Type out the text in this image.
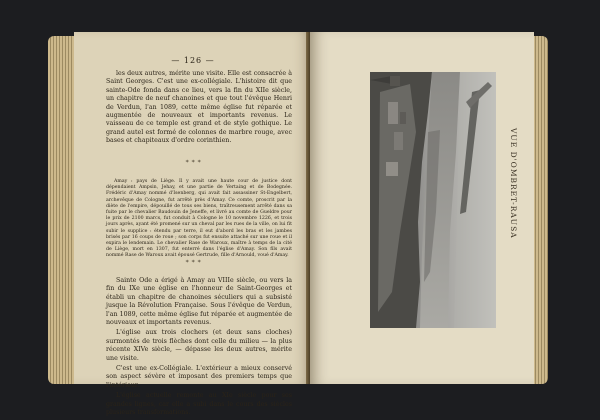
— 126 —
les deux autres, mérite une visite. Elle est consacrée à Saint Georges. C'est une ex-collégiale. L'histoire dit que sainte-Ode fonda dans ce lieu, vers la fin du XIIe siècle, un chapitre de neuf chanoines et que tout l'évêque Henri de Verdun, l'an 1089, cette même église fut réparée et augmentée de nouveaux et importants revenus. Le vaisseau de ce temple est grand et de style gothique. Le grand autel est formé de colonnes de marbre rouge, avec bases et chapiteaux d'ordre corinthien.
∗ ∗ ∗
Amay : pays de Liège. Il y avait une haute cour de justice dont dépendaient Ampsin, Jehay, et une partie de Vertaing et de Bodegnée. Frédéric d'Amay nommé d'Isenberg, qui avait fait assassiner St-Engelbert, archevêque de Cologne, fut arrêté près d'Amay. Ce comte, proscrit par la diète de l'empire, dépouillé de tous ses biens, traîtreusement arrêté dans sa fuite par le chevalier Baudouin de Jeneffe, et livré au comte de Gueldre pour le prix de 2100 marcs, fut conduit à Cologne le 10 novembre 1226, et trois jours après, ayant été promené sur un cheval par les rues de la ville, on lui fit subir le supplice : étendu par terre, il eut d'abord les bras et les jambes brisés par 16 coups de roue ; son corps fut ensuite attaché sur une roue et il expira le lendemain. Le chevalier Rase de Waroux, maître à temps de la cité de Liège, mort en 1307, fut enterré dans l'église d'Amay. Son fils avait nommé Rase de Waroux avait épousé Gertrude, fille d'Arnould, voué d'Amay.
∗ ∗ ∗

Sainte Ode a érigé à Amay au VIIIe siècle, ou vers la fin du IXe une église en l'honneur de Saint-Georges et établi un chapitre de chanoines séculiers qui a subsisté jusque la Révolution Française. Sous l'évêque de Verdun, l'an 1089, cette même église fut réparée et augmentée de nouveaux et importants revenus.

L'église aux trois clochers (et deux sans cloches) surmontés de trois flèches dont celle du milieu — la plus récente XIVe siècle, — dépasse les deux autres, mérite une visite.

C'est une ex-Collégiale. L'extérieur a mieux conservé son aspect sévère et imposant des premiers temps que l'intérieur.

L'église actuelle remonte au XIe siècle pour ses grandes lignes, car elle a subi dans le cours des siècles plusieurs transformations.

VUE D'OMBRET-RAUSA
